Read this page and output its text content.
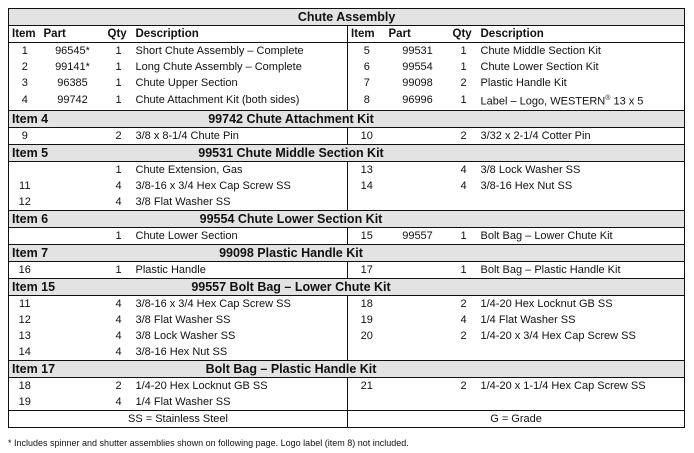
Chute Assembly							
Item	Part	Qty	Description	Item	Part	Qty	Description
1	96545*	1	Short Chute Assembly – Complete	5	99531	1	Chute Middle Section Kit
2	99141*	1	Long Chute Assembly – Complete	6	99554	1	Chute Lower Section Kit
3	96385	1	Chute Upper Section	7	99098	2	Plastic Handle Kit
4	99742	1	Chute Attachment Kit (both sides)	8	96996	1	Label – Logo, WESTERN® 13 x 5
Item 4		99742 Chute Attachment Kit					
9		2	3/8 x 8-1/4 Chute Pin	10		2	3/32 x 2-1/4 Cotter Pin
Item 5		99531 Chute Middle Section Kit					
		1	Chute Extension, Gas	13		4	3/8 Lock Washer SS
11		4	3/8-16 x 3/4 Hex Cap Screw SS	14		4	3/8-16 Hex Nut SS
12		4	3/8 Flat Washer SS				
Item 6		99554 Chute Lower Section Kit					
		1	Chute Lower Section	15	99557	1	Bolt Bag – Lower Chute Kit
Item 7		99098 Plastic Handle Kit					
16		1	Plastic Handle	17		1	Bolt Bag – Plastic Handle Kit
Item 15		99557 Bolt Bag – Lower Chute Kit					
11		4	3/8-16 x 3/4 Hex Cap Screw SS	18		2	1/4-20 Hex Locknut GB SS
12		4	3/8 Flat Washer SS	19		4	1/4 Flat Washer SS
13		4	3/8 Lock Washer SS	20		2	1/4-20 x 3/4 Hex Cap Screw SS
14		4	3/8-16 Hex Nut SS				
Item 17		Bolt Bag – Plastic Handle Kit					
18		2	1/4-20 Hex Locknut GB SS	21		2	1/4-20 x 1-1/4 Hex Cap Screw SS
19		4	1/4 Flat Washer SS				
SS = Stainless Steel				G = Grade			
* Includes spinner and shutter assemblies shown on following page. Logo label (item 8) not included.
